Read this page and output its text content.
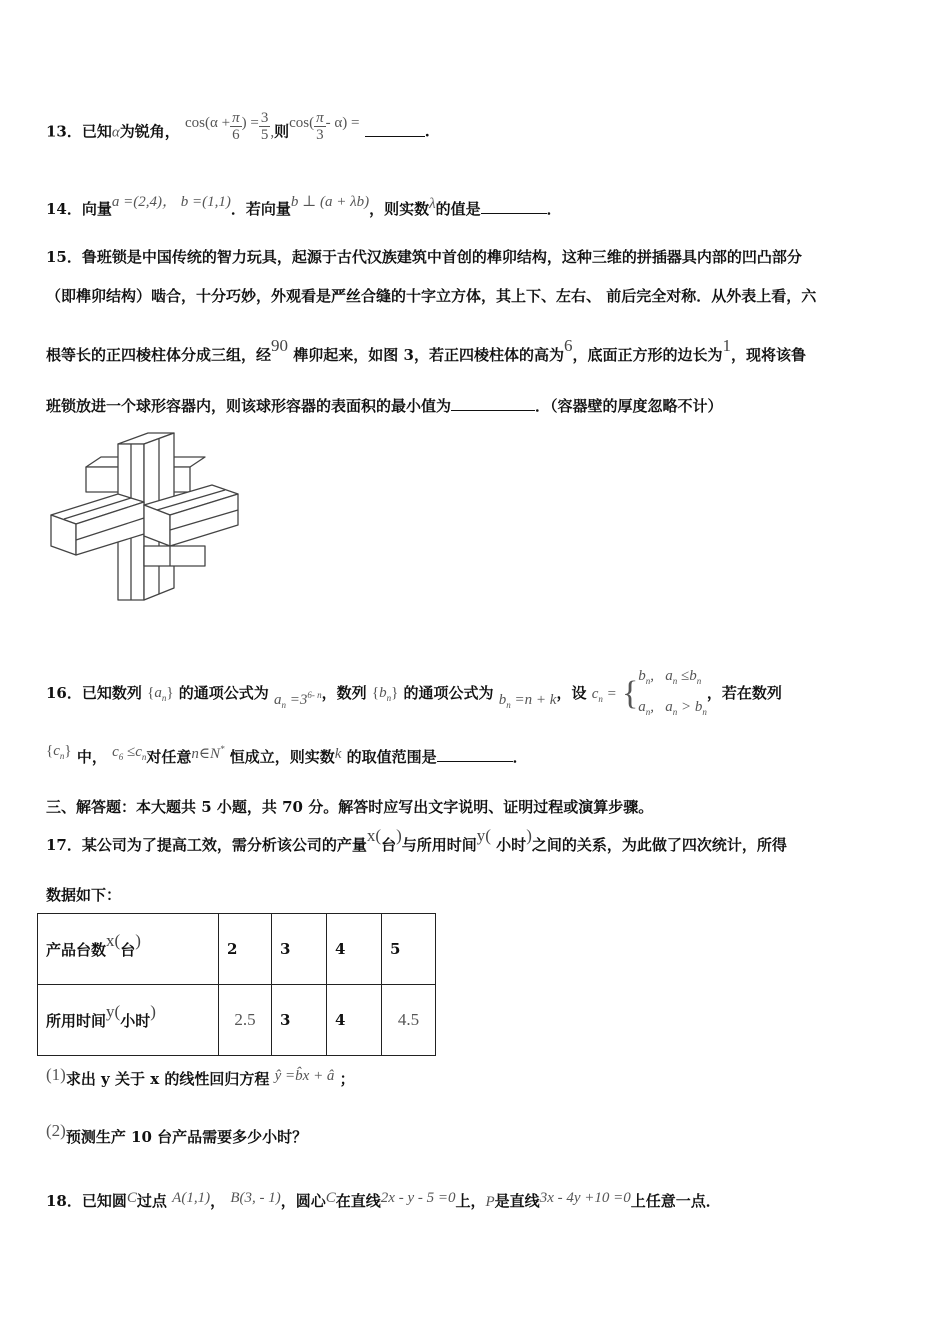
13．已知α为锐角， $\cos(\alpha + \frac{\pi}{6}$ ) = $\frac{3}{5}$ ,则$\cos( \frac{\pi}{3} - \alpha)$ =	.
14．向量a =(2,4)， b =(1,1)．若向量b ⊥ (a + λb)，则实数λ的值是	．
15．鲁班锁是中国传统的智力玩具，起源于古代汉族建筑中首创的榫卯结构，这种三维的拼插器具内部的凹凸部分
（即榫卯结构）啮合，十分巧妙，外观看是严丝合缝的十字立方体，其上下、左右、 前后完全对称．从外表上看，六
根等长的正四棱柱体分成三组，经90 榫卯起来，如图 3，若正四棱柱体的高为6，底面正方形的边长为1，现将该鲁
班锁放进一个球形容器内，则该球形容器的表面积的最小值为	．（容器壁的厚度忽略不计）
16．已知数列 $\{a_n\}$ 的通项公式为 $a_n =3^{6- n}$，数列 $\{b_n\}$ 的通项公式为 $b_n =n + k$，设 $c_n$ = { $b_n$,   $a_n \le b_n$
$a_n$,   $a_n > b_n$
，若在数列
$\{c_n\}$ 中， $c_6 \le c_n$对任意n∈N* 恒成立，则实数k 的取值范围是	．
三、解答题：本大题共 5 小题，共 70 分。解答时应写出文字说明、证明过程或演算步骤。
17．某公司为了提高工效，需分析该公司的产量x(台)与所用时间y( 小时)之间的关系，为此做了四次统计，所得
数据如下：
产品台数x(台)	2	3	4	5
所用时间y(小时)	2.5	3	4	4.5
(1)求出 y 关于 x 的线性回归方程 ŷ =b̂x + â ；
(2)预测生产 10 台产品需要多少小时？
18．已知圆C过点 A(1,1)， B(3, - 1)，圆心C在直线2x - y - 5 =0上，P是直线3x - 4y +10 =0上任意一点．
